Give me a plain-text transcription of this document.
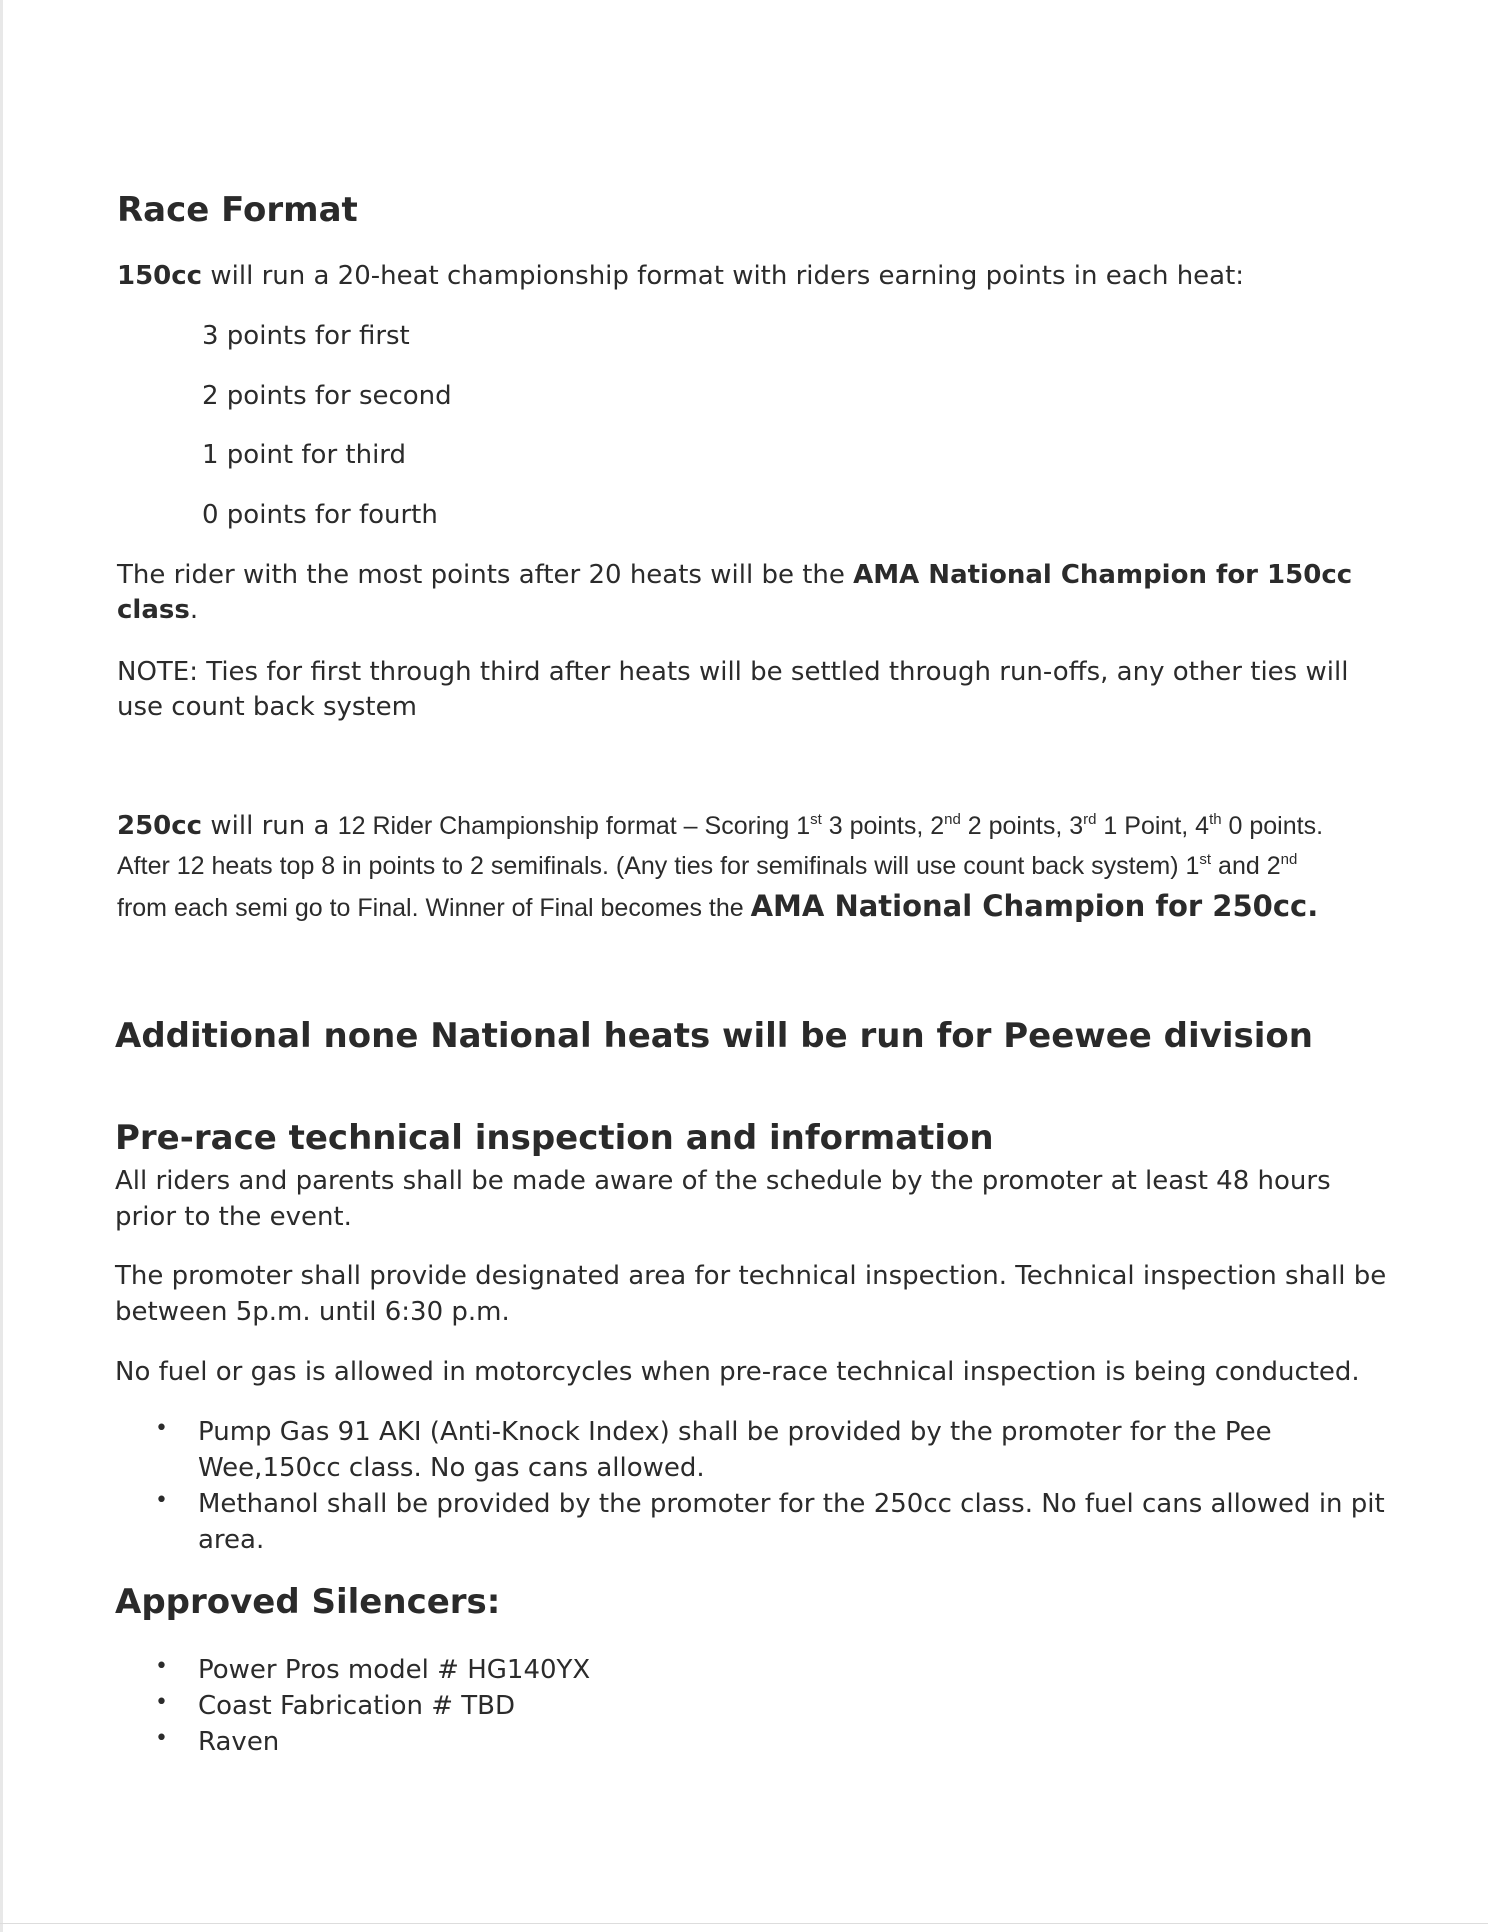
Race Format
150cc will run a 20-heat championship format with riders earning points in each heat:
3 points for first
2 points for second
1 point for third
0 points for fourth
The rider with the most points after 20 heats will be the AMA National Champion for 150cc
class.
NOTE: Ties for first through third after heats will be settled through run-offs, any other ties will
use count back system
250cc will run a 12 Rider Championship format – Scoring 1st 3 points, 2nd 2 points, 3rd 1 Point, 4th 0 points.
After 12 heats top 8 in points to 2 semifinals. (Any ties for semifinals will use count back system) 1st and 2nd
from each semi go to Final. Winner of Final becomes the AMA National Champion for 250cc.
Additional none National heats will be run for Peewee division
Pre-race technical inspection and information
All riders and parents shall be made aware of the schedule by the promoter at least 48 hours
prior to the event.
The promoter shall provide designated area for technical inspection. Technical inspection shall be
between 5p.m. until 6:30 p.m.
No fuel or gas is allowed in motorcycles when pre-race technical inspection is being conducted.
• Pump Gas 91 AKI (Anti-Knock Index) shall be provided by the promoter for the Pee
Wee,150cc class. No gas cans allowed.
• Methanol shall be provided by the promoter for the 250cc class. No fuel cans allowed in pit
area.
Approved Silencers:
• Power Pros model # HG140YX
• Coast Fabrication # TBD
• Raven
